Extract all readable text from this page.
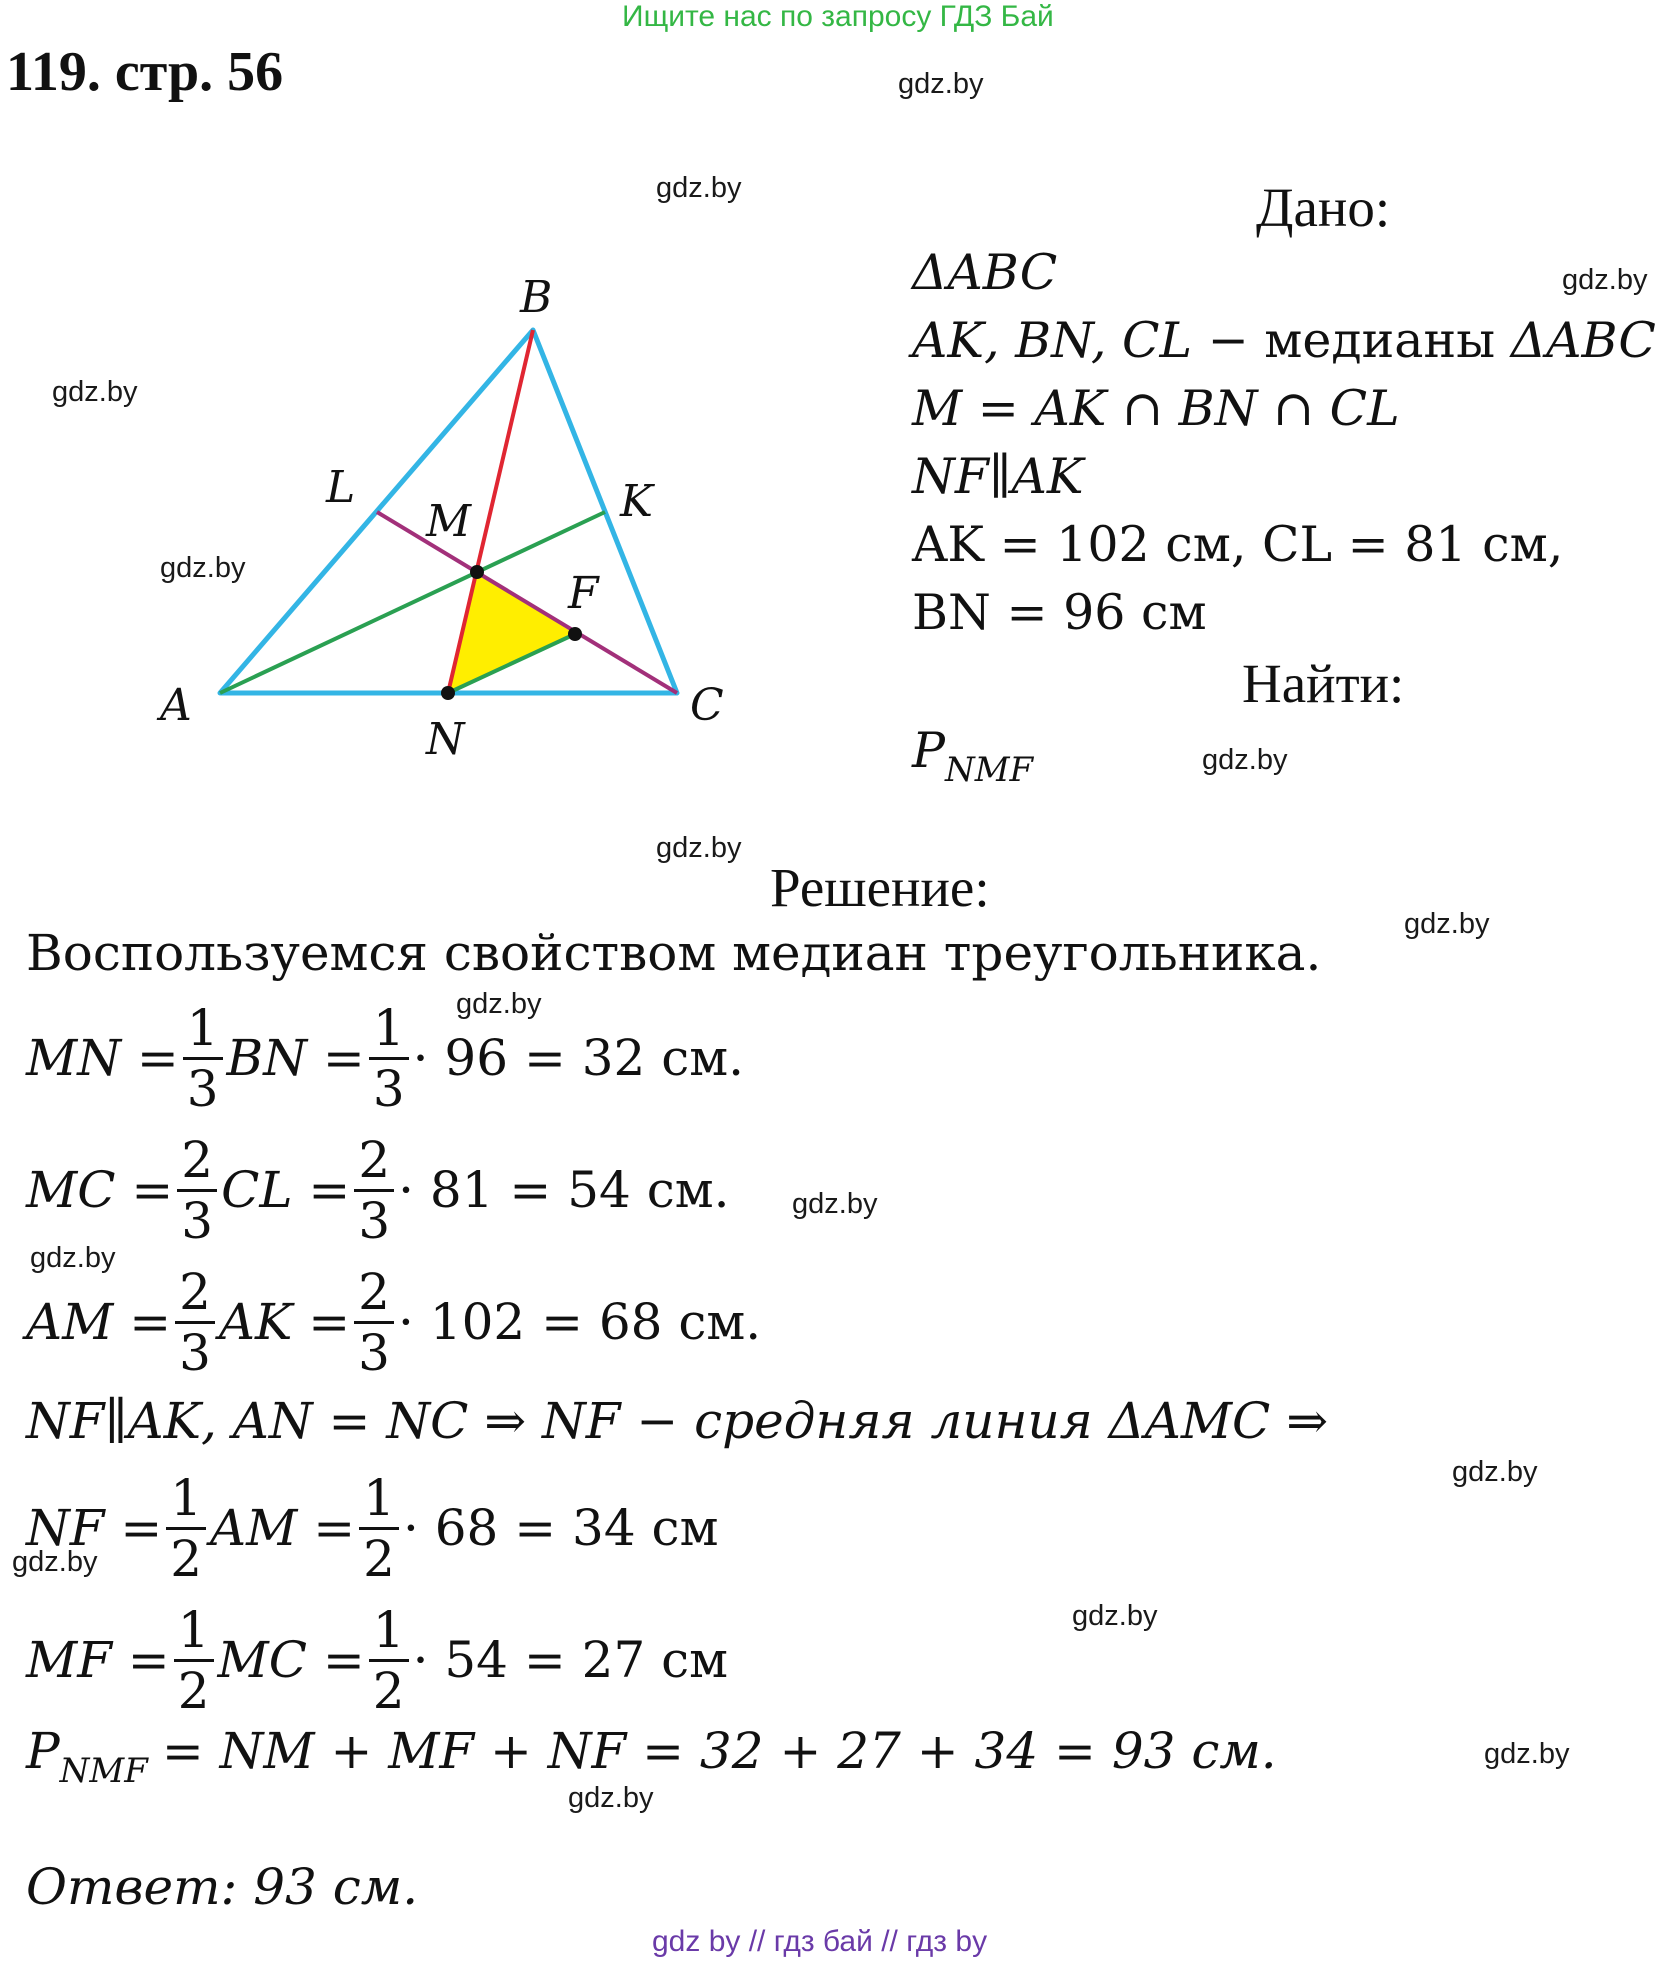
Ищите нас по запросу ГДЗ Бай
119. стр. 56	gdz.by
gdz.by
gdz.by
gdz.by
gdz.by
gdz.by
gdz.by
gdz.by
gdz.by
gdz.by
gdz.by
gdz.by
gdz.by
gdz.by
gdz.by
gdz.by
A
B
C
K
L
M
N
F
Дано:
ΔABC
AK, BN, CL − медианы ΔABC
M = AK ∩ BN ∩ CL
NF∥AK
AK = 102 см, CL = 81 см,
BN = 96 см
Найти:
$P_{NMF}$
Решение:
Воспользуемся свойством медиан треугольника.
MN = $\frac{1}{3}$ BN = $\frac{1}{3} \cdot 96 = 32$ см.
MC = $\frac{2}{3}$ CL = $\frac{2}{3} \cdot 81 = 54$ см.
AM = $\frac{2}{3}$ AK = $\frac{2}{3} \cdot 102 = 68$ см.
NF∥AK, AN = NC ⇒ NF − средняя линия ΔAMC ⇒
NF = $\frac{1}{2}$ AM = $\frac{1}{2} \cdot 68 = 34$ см
MF = $\frac{1}{2}$ MC = $\frac{1}{2} \cdot 54 = 27$ см
$P_{NMF}$ = NM + MF + NF = 32 + 27 + 34 = 93 см.
Ответ: 93 см.
gdz by // гдз бай // гдз by
